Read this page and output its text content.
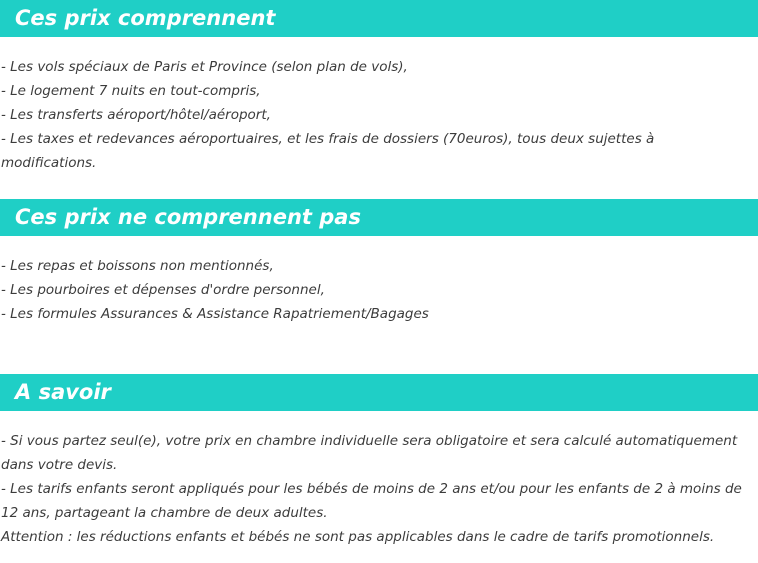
Ces prix comprennent
- Les vols spéciaux de Paris et Province (selon plan de vols),
- Le logement 7 nuits en tout-compris,
- Les transferts aéroport/hôtel/aéroport,
- Les taxes et redevances aéroportuaires, et les frais de dossiers (70euros), tous deux sujettes à modifications.
Ces prix ne comprennent pas
- Les repas et boissons non mentionnés,
- Les pourboires et dépenses d'ordre personnel,
- Les formules Assurances & Assistance Rapatriement/Bagages
A savoir
- Si vous partez seul(e), votre prix en chambre individuelle sera obligatoire et sera calculé automatiquement dans votre devis.
- Les tarifs enfants seront appliqués pour les bébés de moins de 2 ans et/ou pour les enfants de 2 à moins de 12 ans, partageant la chambre de deux adultes.
Attention : les réductions enfants et bébés ne sont pas applicables dans le cadre de tarifs promotionnels.
